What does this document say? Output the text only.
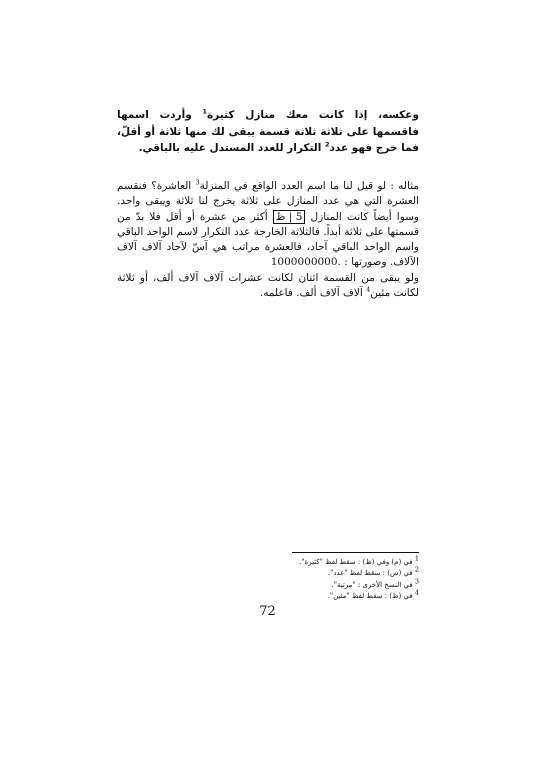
وعكسه، إذا كانت معك منازل كثيرة$^1$ وأردت اسمها فاقسمها على ثلاثة ثلاثة قسمة يبقى لك منها ثلاثة أو أقلّ، فما خرج فهو عدد$^2$ التكرار للعدد المستدل عليه بالباقي.

مثاله : لو قيل لنا ما اسم العدد الواقع في المنزلة$^3$ العاشرة؟ فنقسم العشرة التي هي عدد المنازل على ثلاثة يخرج لنا ثلاثة ويبقى واحد. وسوا أيضاً كانت المنازل 5 | ظ أكثر من عشرة أو أقل فلا بدّ من قسمتها على ثلاثة أبداً. فالثلاثة الخارجة عدد التكرار لاسم الواحد الباقي واسم الواحد الباقي آحاد، فالعشرة مراتب هي آسّ لآحاد آلاف آلاف الآلاف. وصورتها : 1000000000.

ولو يبقى من القسمة اثنان لكانت عشرات آلاف آلاف ألف، أو ثلاثة لكانت مئين$^4$ آلاف آلاف ألف. فاعلمه.

$^1$ في (م) وفي (ظ) : سقط لفظ "كثيرة".
$^2$ في (س) : سقط لفظ "عدد".
$^3$ في النسخ الأخرى : "مرتبة".
$^4$ في (ظ) : سقط لفظ "مئين".
72
